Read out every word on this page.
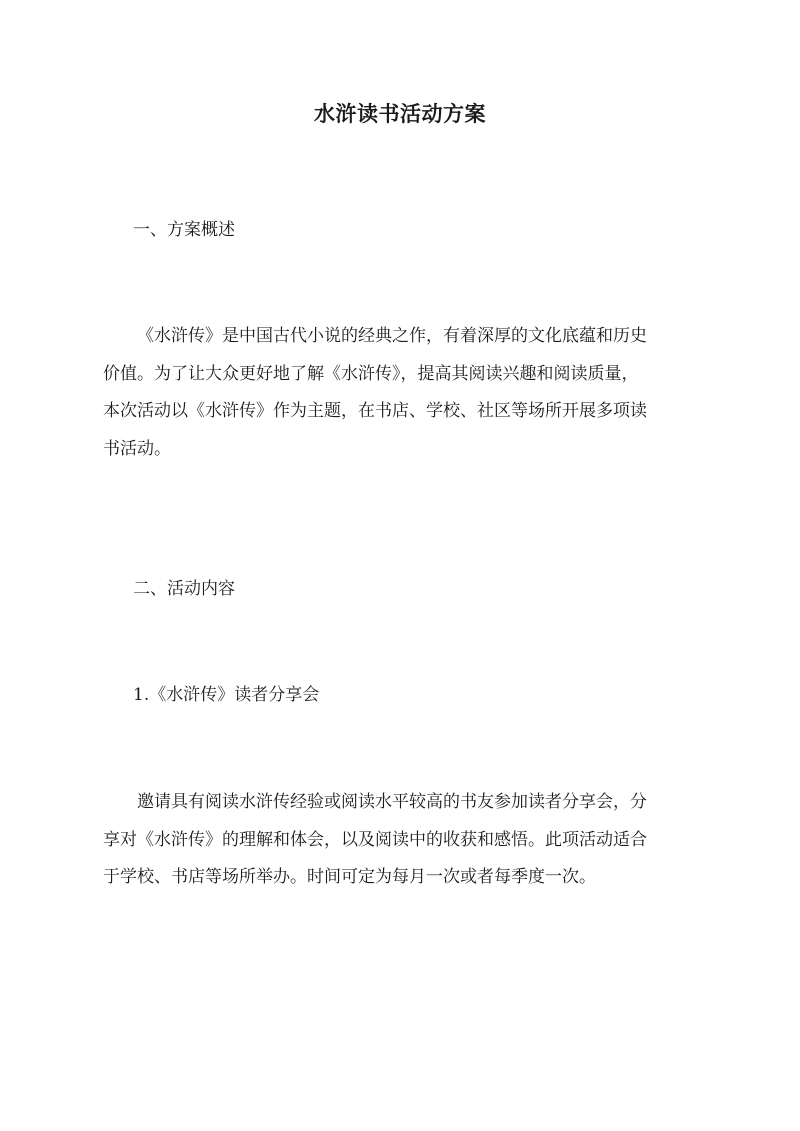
水浒读书活动方案
一、方案概述
《水浒传》是中国古代小说的经典之作，有着深厚的文化底蕴和历史
价值。为了让大众更好地了解《水浒传》，提高其阅读兴趣和阅读质量，
本次活动以《水浒传》作为主题，在书店、学校、社区等场所开展多项读
书活动。
二、活动内容
1.《水浒传》读者分享会
邀请具有阅读水浒传经验或阅读水平较高的书友参加读者分享会，分
享对《水浒传》的理解和体会，以及阅读中的收获和感悟。此项活动适合
于学校、书店等场所举办。时间可定为每月一次或者每季度一次。
